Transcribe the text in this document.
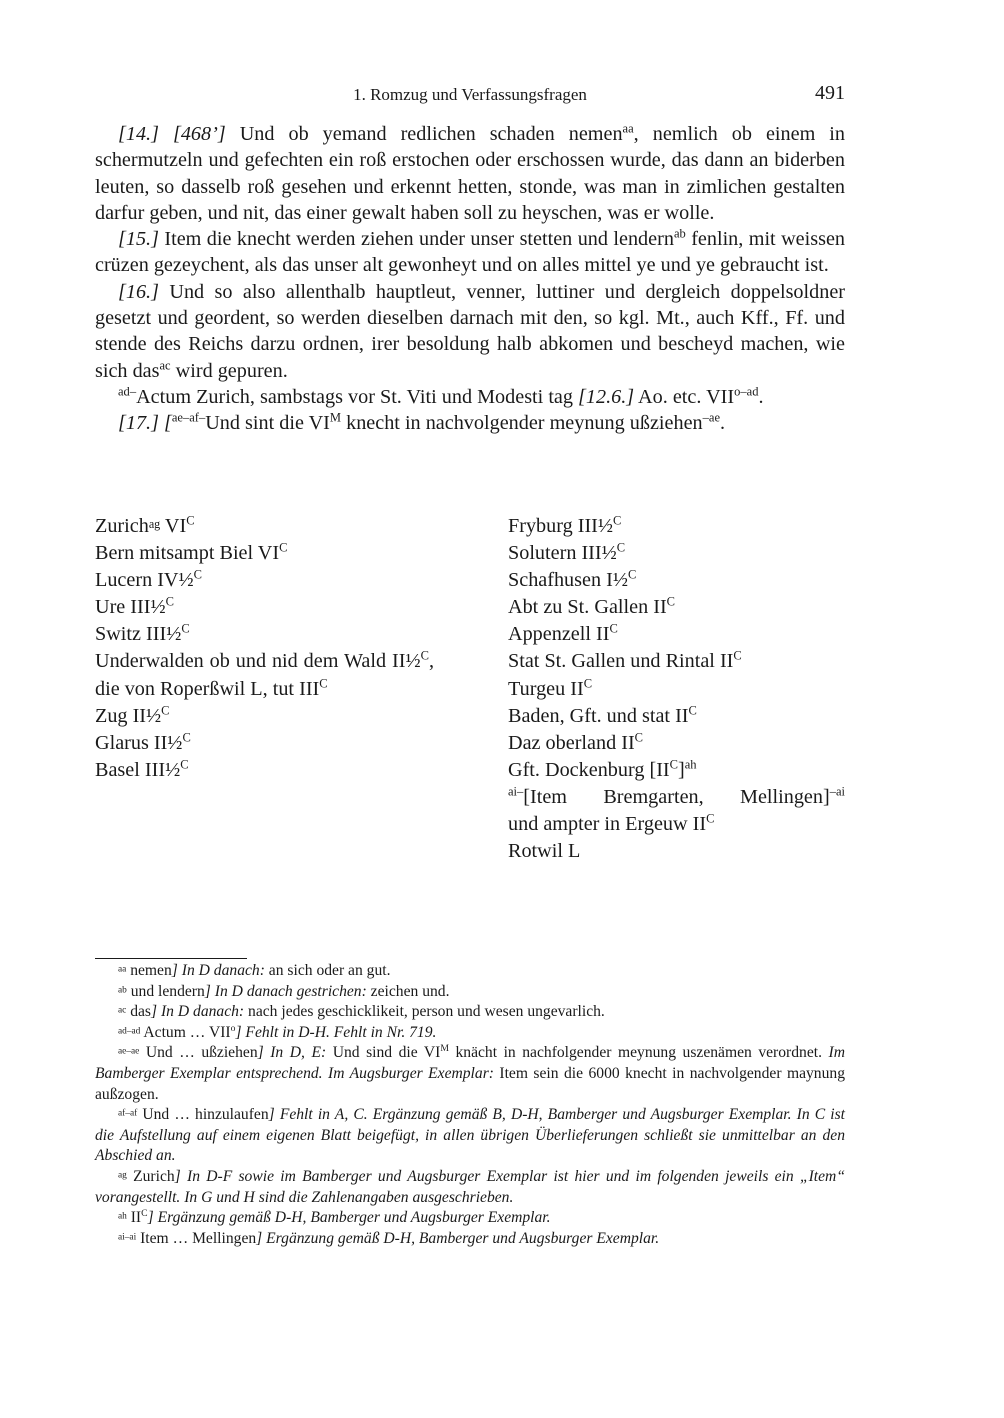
1. Romzug und Verfassungsfragen	491

[14.] [468’] Und ob yemand redlichen schaden nemen$^{aa}$, nemlich ob einem in schermutzeln und gefechten ein roß erstochen oder erschossen wurde, das dann an biderben leuten, so dasselb roß gesehen und erkennt hetten, stonde, was man in zimlichen gestalten darfur geben, und nit, das einer gewalt haben soll zu heyschen, was er wolle.

[15.] Item die knecht werden ziehen under unser stetten und lendern$^{ab}$ fenlin, mit weissen crüzen gezeychent, als das unser alt gewonheyt und on alles mittel ye und ye gebraucht ist.

[16.] Und so also allenthalb hauptleut, venner, luttiner und dergleich doppelsoldner gesetzt und geordent, so werden dieselben darnach mit den, so kgl. Mt., auch Kff., Ff. und stende des Reichs darzu ordnen, irer besoldung halb abkomen und bescheyd machen, wie sich das$^{ac}$ wird gepuren.

$^{ad-}$Actum Zurich, sambstags vor St. Viti und Modesti tag [12.6.] Ao. etc. $VII^{o-ad}$.

[17.] [$^{ae-af-}$Und sint die $VI^M$ knecht in nachvolgender meynung ußziehen$^{-ae}$.

Zurich$^{ag}$ $VI^C$

Bern mitsampt Biel $VI^C$

Lucern IV½$^C$

Ure III½$^C$

Switz III½$^C$

Underwalden ob und nid dem Wald II½$^C$, die von Roperßwil L, tut $III^C$

Zug II½$^C$

Glarus II½$^C$

Basel III½$^C$

Fryburg III½$^C$

Solutern III½$^C$

Schafhusen I½$^C$

Abt zu St. Gallen $II^C$

Appenzell $II^C$

Stat St. Gallen und Rintal $II^C$

Turgeu $II^C$

Baden, Gft. und stat $II^C$

Daz oberland $II^C$

Gft. Dockenburg $[II^C]^{ah}$

$^{ai-}$[Item Bremgarten, Mellingen]$^{-ai}$

und ampter in Ergeuw $II^C$

Rotwil L

$^{aa}$ nemen] In D danach: an sich oder an gut.

$^{ab}$ und lendern] In D danach gestrichen: zeichen und.

$^{ac}$ das] In D danach: nach jedes geschicklikeit, person und wesen ungevarlich.

$^{ad-ad}$ Actum … VII$^o$] Fehlt in D-H. Fehlt in Nr. 719.

$^{ae-ae}$ Und … ußziehen] In D, E: Und sind die $VI^M$ knächt in nachfolgender meynung uszenämen verordnet. Im Bamberger Exemplar entsprechend. Im Augsburger Exemplar: Item sein die 6000 knecht in nachvolgender maynung außzogen.

$^{af-af}$ Und … hinzulaufen] Fehlt in A, C. Ergänzung gemäß B, D-H, Bamberger und Augsburger Exemplar. In C ist die Aufstellung auf einem eigenen Blatt beigefügt, in allen übrigen Überlieferungen schließt sie unmittelbar an den Abschied an.

$^{ag}$ Zurich] In D-F sowie im Bamberger und Augsburger Exemplar ist hier und im folgenden jeweils ein „Item“ vorangestellt. In G und H sind die Zahlenangaben ausgeschrieben.

$^{ah}$ $II^C$] Ergänzung gemäß D-H, Bamberger und Augsburger Exemplar.

$^{ai-ai}$ Item … Mellingen] Ergänzung gemäß D-H, Bamberger und Augsburger Exemplar.
